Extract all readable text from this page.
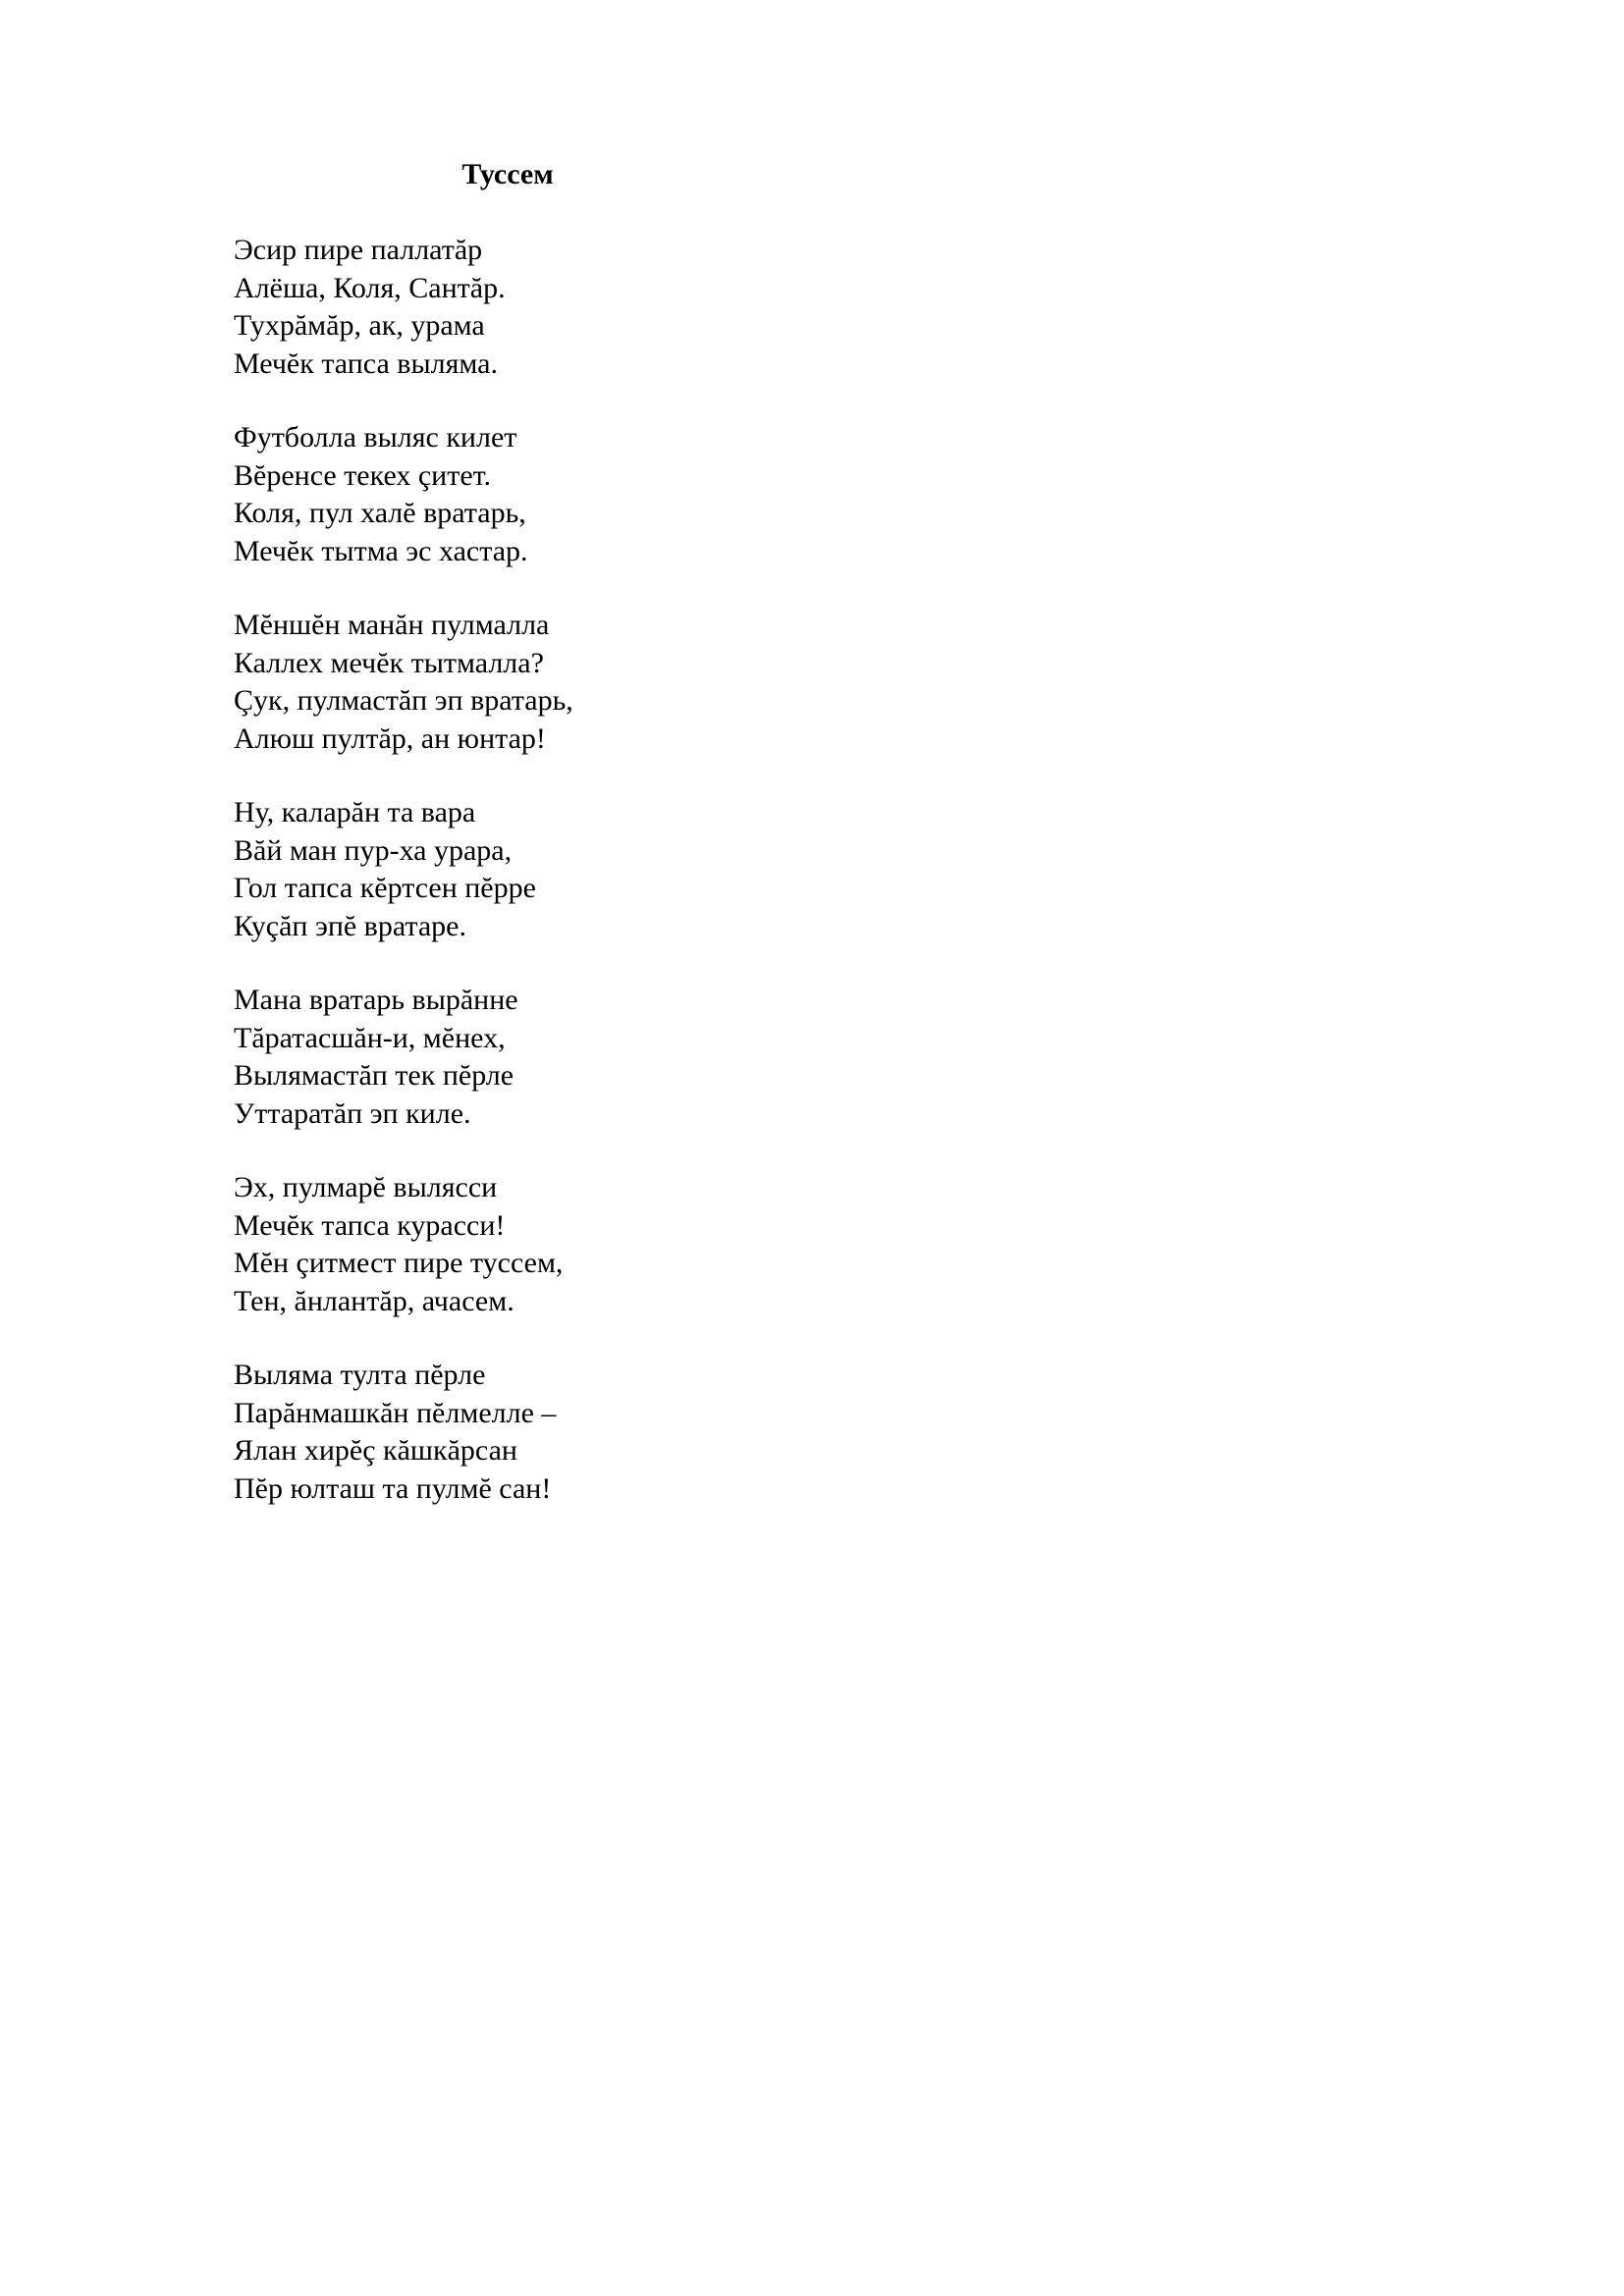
Туссем
Эсир пире паллатăр
Алёша, Коля, Сантăр.
Тухрăмăр, ак, урама
Мечĕк тапса выляма.
Футболла выляс килет
Вĕренсе текех çитет.
Коля, пул халĕ вратарь,
Мечĕк тытма эс хастар.
Мĕншĕн манăн пулмалла
Каллех мечĕк тытмалла?
Çук, пулмастăп эп вратарь,
Алюш пултăр, ан юнтар!
Ну, каларăн та вара
Вăй ман пур-ха урара,
Гол тапса кĕртсен пĕрре
Куçăп эпĕ вратаре.
Мана вратарь вырăнне
Тăратасшăн-и, мĕнех,
Вылямастăп тек пĕрле
Уттаратăп эп киле.
Эх, пулмарĕ вылясси
Мечĕк тапса курасси!
Мĕн çитмест пире туссем,
Тен, ăнлантăр, ачасем.
Выляма тулта пĕрле
Парăнмашкăн пĕлмелле –
Ялан хирĕç кăшкăрсан
Пĕр юлташ та пулмĕ сан!
